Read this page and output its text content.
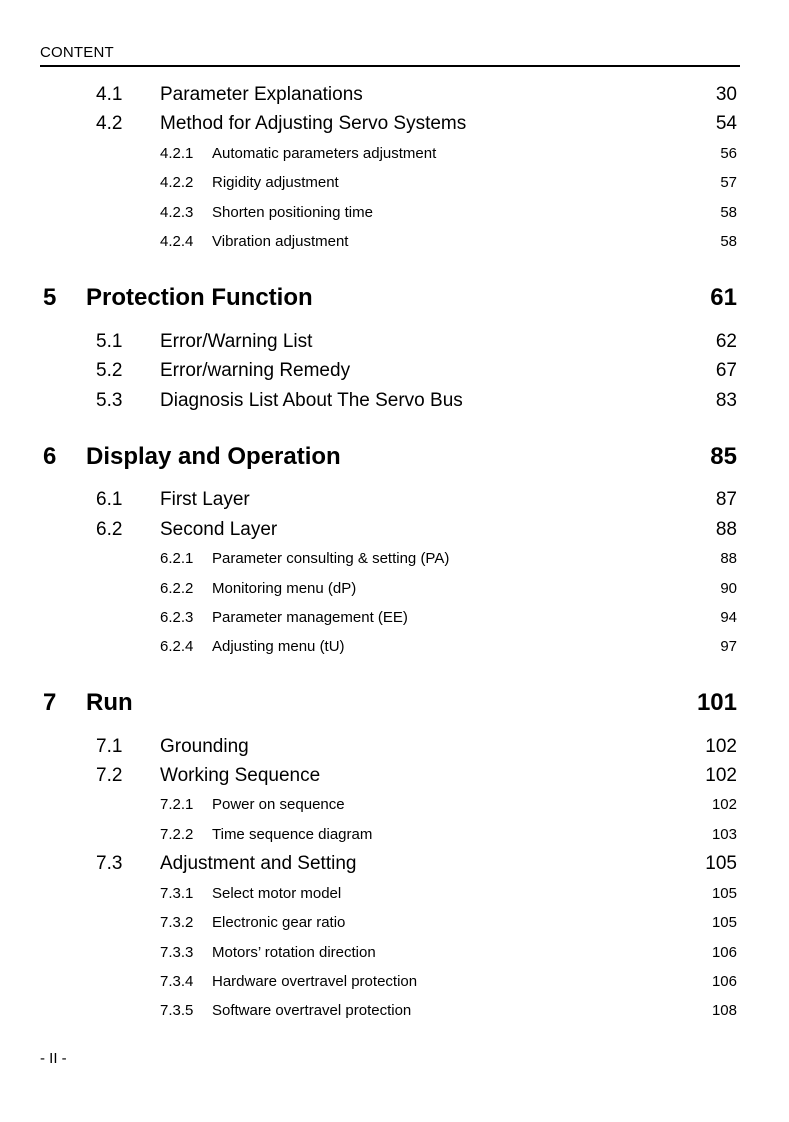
CONTENT
4.1 Parameter Explanations	30
4.2 Method for Adjusting Servo Systems	54
4.2.1 Automatic parameters adjustment	56
4.2.2 Rigidity adjustment	57
4.2.3 Shorten positioning time	58
4.2.4 Vibration adjustment	58
5 Protection Function	61
5.1 Error/Warning List	62
5.2 Error/warning Remedy	67
5.3 Diagnosis List About The Servo Bus	83
6 Display and Operation	85
6.1 First Layer	87
6.2 Second Layer	88
6.2.1 Parameter consulting & setting (PA)	88
6.2.2 Monitoring menu (dP)	90
6.2.3 Parameter management (EE)	94
6.2.4 Adjusting menu (tU)	97
7 Run	101
7.1 Grounding	102
7.2 Working Sequence	102
7.2.1 Power on sequence	102
7.2.2 Time sequence diagram	103
7.3 Adjustment and Setting	105
7.3.1 Select motor model	105
7.3.2 Electronic gear ratio	105
7.3.3 Motors’ rotation direction	106
7.3.4 Hardware overtravel protection	106
7.3.5 Software overtravel protection	108
- II -
